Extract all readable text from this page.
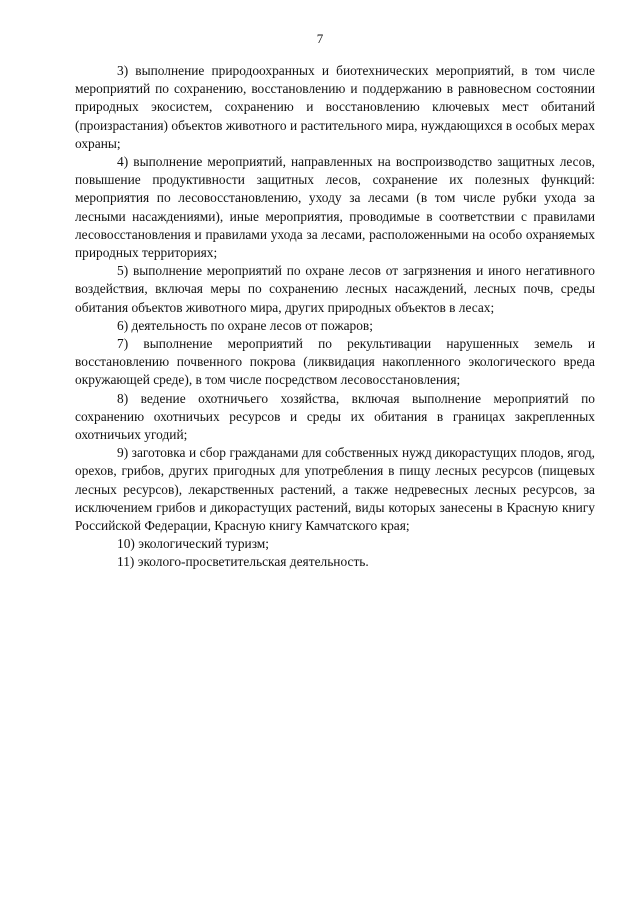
7

3) выполнение природоохранных и биотехнических мероприятий, в том числе мероприятий по сохранению, восстановлению и поддержанию в равновесном состоянии природных экосистем, сохранению и восстановлению ключевых мест обитаний (произрастания) объектов животного и растительного мира, нуждающихся в особых мерах охраны;

4) выполнение мероприятий, направленных на воспроизводство защитных лесов, повышение продуктивности защитных лесов, сохранение их полезных функций: мероприятия по лесовосстановлению, уходу за лесами (в том числе рубки ухода за лесными насаждениями), иные мероприятия, проводимые в соответствии с правилами лесовосстановления и правилами ухода за лесами, расположенными на особо охраняемых природных территориях;

5) выполнение мероприятий по охране лесов от загрязнения и иного негативного воздействия, включая меры по сохранению лесных насаждений, лесных почв, среды обитания объектов животного мира, других природных объектов в лесах;

6) деятельность по охране лесов от пожаров;

7) выполнение мероприятий по рекультивации нарушенных земель и восстановлению почвенного покрова (ликвидация накопленного экологического вреда окружающей среде), в том числе посредством лесовосстановления;

8) ведение охотничьего хозяйства, включая выполнение мероприятий по сохранению охотничьих ресурсов и среды их обитания в границах закрепленных охотничьих угодий;

9) заготовка и сбор гражданами для собственных нужд дикорастущих плодов, ягод, орехов, грибов, других пригодных для употребления в пищу лесных ресурсов (пищевых лесных ресурсов), лекарственных растений, а также недревесных лесных ресурсов, за исключением грибов и дикорастущих растений, виды которых занесены в Красную книгу Российской Федерации, Красную книгу Камчатского края;

10) экологический туризм;

11) эколого-просветительская деятельность.
